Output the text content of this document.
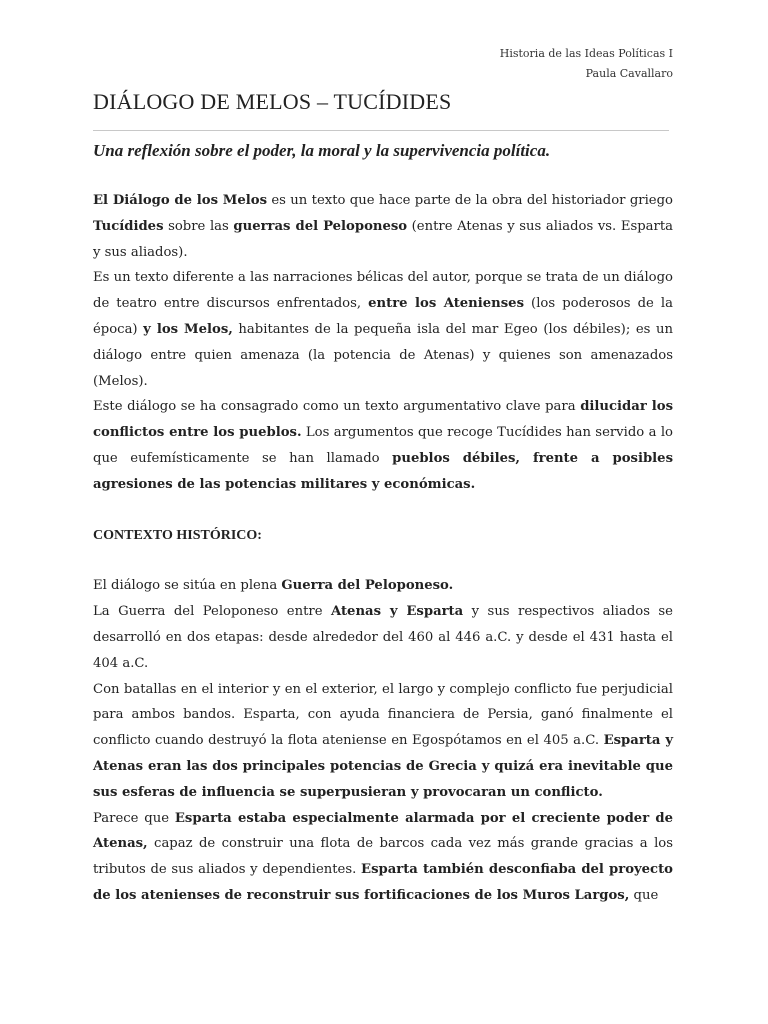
Historia de las Ideas Políticas I
Paula Cavallaro
DIÁLOGO DE MELOS – TUCÍDIDES
Una reflexión sobre el poder, la moral y la supervivencia política.

El Diálogo de los Melos es un texto que hace parte de la obra del historiador griego Tucídides sobre las guerras del Peloponeso (entre Atenas y sus aliados vs. Esparta y sus aliados).

Es un texto diferente a las narraciones bélicas del autor, porque se trata de un diálogo de teatro entre discursos enfrentados, entre los Atenienses (los poderosos de la época) y los Melos, habitantes de la pequeña isla del mar Egeo (los débiles); es un diálogo entre quien amenaza (la potencia de Atenas) y quienes son amenazados (Melos).

Este diálogo se ha consagrado como un texto argumentativo clave para dilucidar los conflictos entre los pueblos. Los argumentos que recoge Tucídides han servido a lo que eufemísticamente se han llamado pueblos débiles, frente a posibles agresiones de las potencias militares y económicas.

CONTEXTO HISTÓRICO:

El diálogo se sitúa en plena Guerra del Peloponeso.

La Guerra del Peloponeso entre Atenas y Esparta y sus respectivos aliados se desarrolló en dos etapas: desde alrededor del 460 al 446 a.C. y desde el 431 hasta el 404 a.C.

Con batallas en el interior y en el exterior, el largo y complejo conflicto fue perjudicial para ambos bandos. Esparta, con ayuda financiera de Persia, ganó finalmente el conflicto cuando destruyó la flota ateniense en Egospótamos en el 405 a.C. Esparta y Atenas eran las dos principales potencias de Grecia y quizá era inevitable que sus esferas de influencia se superpusieran y provocaran un conflicto.

Parece que Esparta estaba especialmente alarmada por el creciente poder de Atenas, capaz de construir una flota de barcos cada vez más grande gracias a los tributos de sus aliados y dependientes. Esparta también desconfiaba del proyecto de los atenienses de reconstruir sus fortificaciones de los Muros Largos, que
